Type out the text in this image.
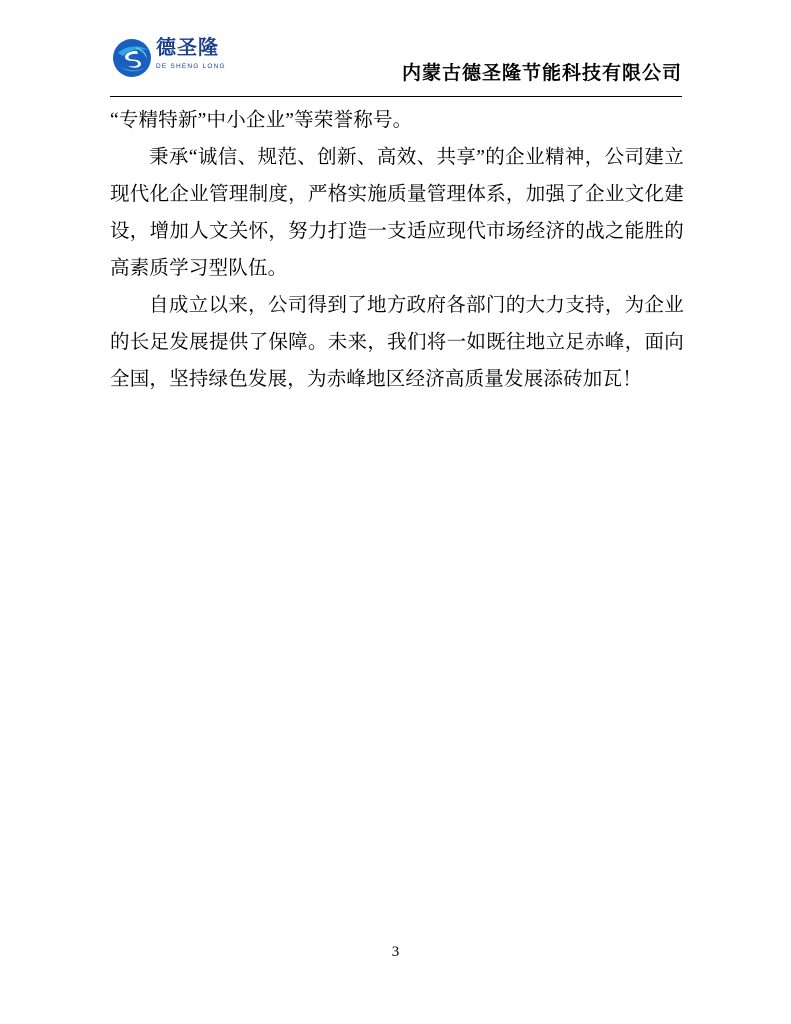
德圣隆
DE SHENG LONG	内蒙古德圣隆节能科技有限公司

“专精特新”中小企业”等荣誉称号。

秉承“诚信、规范、创新、高效、共享”的企业精神，公司建立现代化企业管理制度，严格实施质量管理体系，加强了企业文化建设，增加人文关怀，努力打造一支适应现代市场经济的战之能胜的高素质学习型队伍。

自成立以来，公司得到了地方政府各部门的大力支持，为企业的长足发展提供了保障。未来，我们将一如既往地立足赤峰，面向全国，坚持绿色发展，为赤峰地区经济高质量发展添砖加瓦！

3
